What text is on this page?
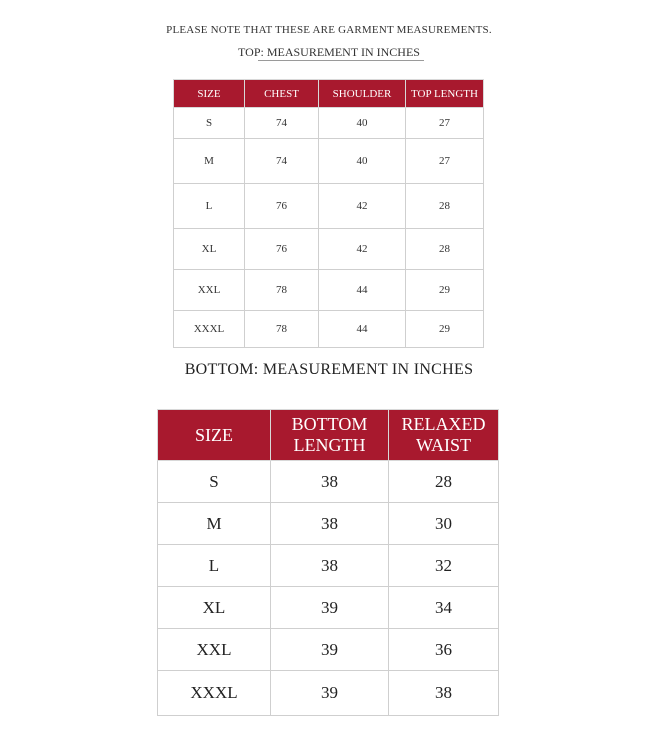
PLEASE NOTE THAT THESE ARE GARMENT MEASUREMENTS.
TOP: MEASUREMENT IN INCHES
SIZE	CHEST	SHOULDER	TOP LENGTH
S	74	40	27
M	74	40	27
L	76	42	28
XL	76	42	28
XXL	78	44	29
XXXL	78	44	29
BOTTOM: MEASUREMENT IN INCHES
SIZE	BOTTOM LENGTH	RELAXED WAIST
S	38	28
M	38	30
L	38	32
XL	39	34
XXL	39	36
XXXL	39	38
